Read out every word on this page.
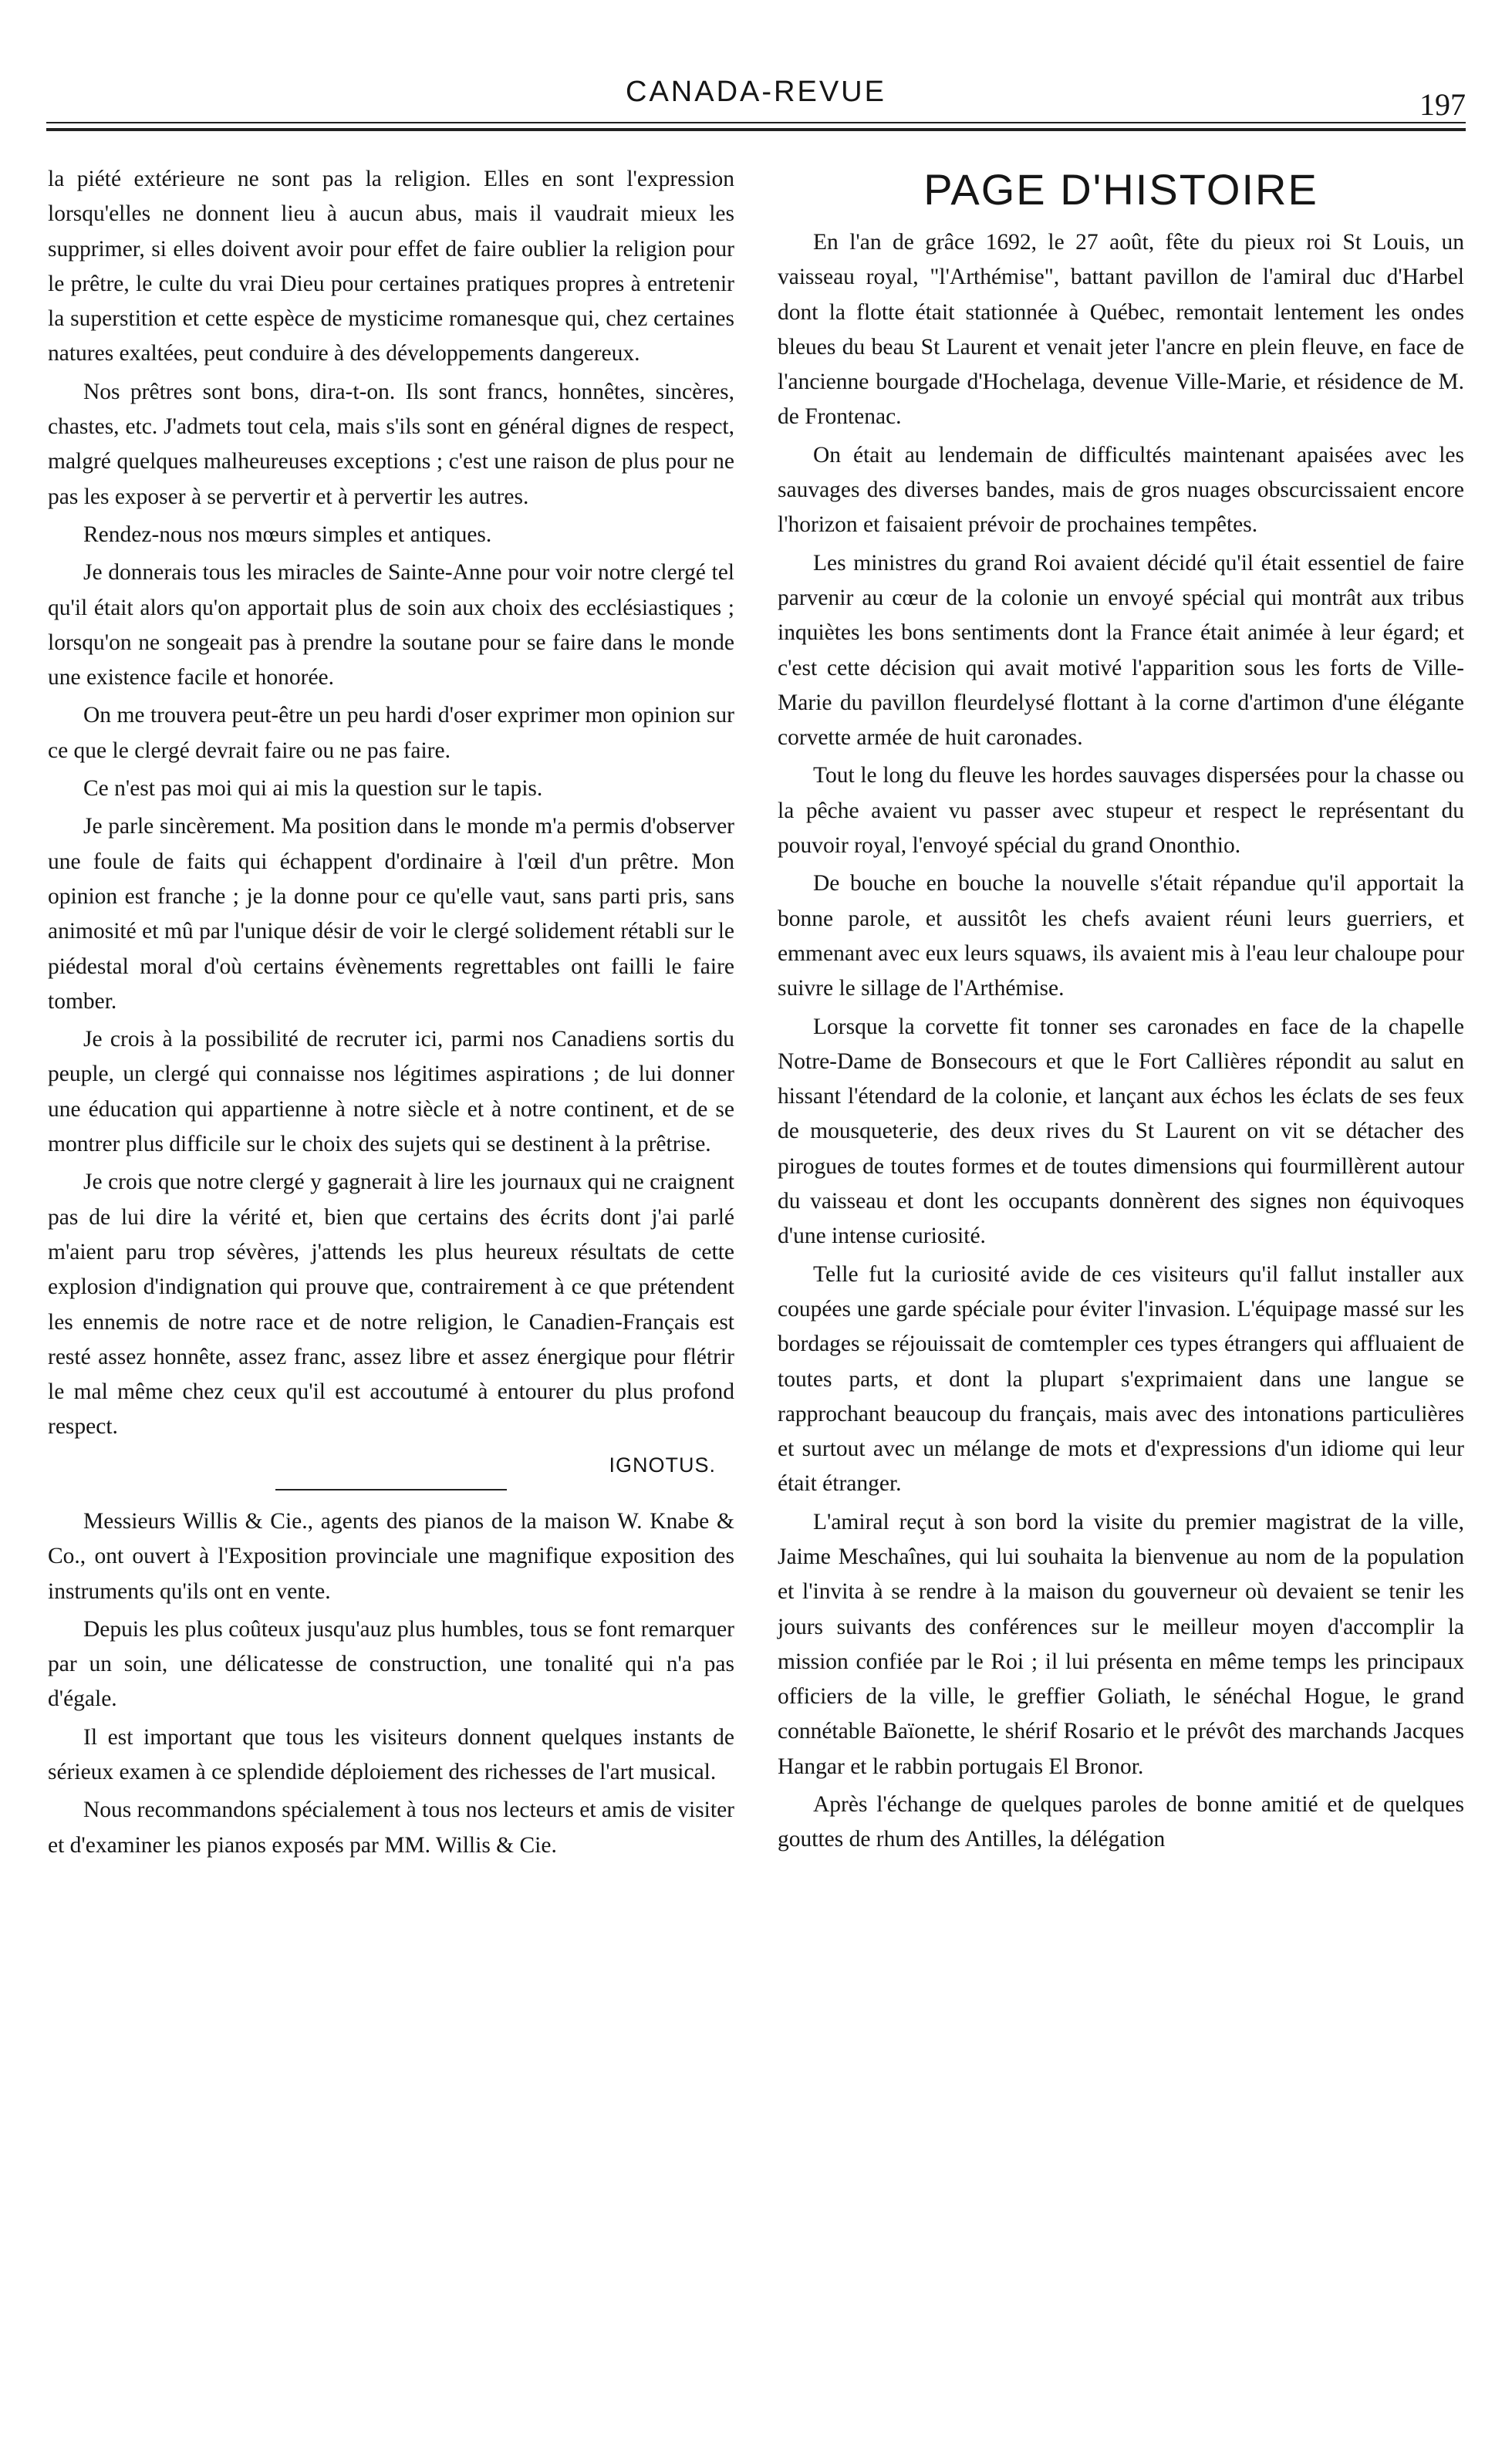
CANADA-REVUE	197

la piété extérieure ne sont pas la religion. Elles en sont l'expression lorsqu'elles ne donnent lieu à aucun abus, mais il vaudrait mieux les supprimer, si elles doivent avoir pour effet de faire oublier la religion pour le prêtre, le culte du vrai Dieu pour certaines pratiques propres à entretenir la superstition et cette espèce de mysticime romanesque qui, chez certaines natures exaltées, peut conduire à des développements dangereux.

Nos prêtres sont bons, dira-t-on. Ils sont francs, honnêtes, sincères, chastes, etc. J'admets tout cela, mais s'ils sont en général dignes de respect, malgré quelques malheureuses exceptions ; c'est une raison de plus pour ne pas les exposer à se pervertir et à pervertir les autres.

Rendez-nous nos mœurs simples et antiques.

Je donnerais tous les miracles de Sainte-Anne pour voir notre clergé tel qu'il était alors qu'on apportait plus de soin aux choix des ecclésiastiques ; lorsqu'on ne songeait pas à prendre la soutane pour se faire dans le monde une existence facile et honorée.

On me trouvera peut-être un peu hardi d'oser exprimer mon opinion sur ce que le clergé devrait faire ou ne pas faire.

Ce n'est pas moi qui ai mis la question sur le tapis.

Je parle sincèrement. Ma position dans le monde m'a permis d'observer une foule de faits qui échappent d'ordinaire à l'œil d'un prêtre. Mon opinion est franche ; je la donne pour ce qu'elle vaut, sans parti pris, sans animosité et mû par l'unique désir de voir le clergé solidement rétabli sur le piédestal moral d'où certains évènements regrettables ont failli le faire tomber.

Je crois à la possibilité de recruter ici, parmi nos Canadiens sortis du peuple, un clergé qui connaisse nos légitimes aspirations ; de lui donner une éducation qui appartienne à notre siècle et à notre continent, et de se montrer plus difficile sur le choix des sujets qui se destinent à la prêtrise.

Je crois que notre clergé y gagnerait à lire les journaux qui ne craignent pas de lui dire la vérité et, bien que certains des écrits dont j'ai parlé m'aient paru trop sévères, j'attends les plus heureux résultats de cette explosion d'indignation qui prouve que, contrairement à ce que prétendent les ennemis de notre race et de notre religion, le Canadien-Français est resté assez honnête, assez franc, assez libre et assez énergique pour flétrir le mal même chez ceux qu'il est accoutumé à entourer du plus profond respect.

IGNOTUS.

Messieurs Willis & Cie., agents des pianos de la maison W. Knabe & Co., ont ouvert à l'Exposition provinciale une magnifique exposition des instruments qu'ils ont en vente.

Depuis les plus coûteux jusqu'auz plus humbles, tous se font remarquer par un soin, une délicatesse de construction, une tonalité qui n'a pas d'égale.

Il est important que tous les visiteurs donnent quelques instants de sérieux examen à ce splendide déploiement des richesses de l'art musical.

Nous recommandons spécialement à tous nos lecteurs et amis de visiter et d'examiner les pianos exposés par MM. Willis & Cie.

PAGE D'HISTOIRE

En l'an de grâce 1692, le 27 août, fête du pieux roi St Louis, un vaisseau royal, "l'Arthémise", battant pavillon de l'amiral duc d'Harbel dont la flotte était stationnée à Québec, remontait lentement les ondes bleues du beau St Laurent et venait jeter l'ancre en plein fleuve, en face de l'ancienne bourgade d'Hochelaga, devenue Ville-Marie, et résidence de M. de Frontenac.

On était au lendemain de difficultés maintenant apaisées avec les sauvages des diverses bandes, mais de gros nuages obscurcissaient encore l'horizon et faisaient prévoir de prochaines tempêtes.

Les ministres du grand Roi avaient décidé qu'il était essentiel de faire parvenir au cœur de la colonie un envoyé spécial qui montrât aux tribus inquiètes les bons sentiments dont la France était animée à leur égard; et c'est cette décision qui avait motivé l'apparition sous les forts de Ville-Marie du pavillon fleurdelysé flottant à la corne d'artimon d'une élégante corvette armée de huit caronades.

Tout le long du fleuve les hordes sauvages dispersées pour la chasse ou la pêche avaient vu passer avec stupeur et respect le représentant du pouvoir royal, l'envoyé spécial du grand Ononthio.

De bouche en bouche la nouvelle s'était répandue qu'il apportait la bonne parole, et aussitôt les chefs avaient réuni leurs guerriers, et emmenant avec eux leurs squaws, ils avaient mis à l'eau leur chaloupe pour suivre le sillage de l'Arthémise.

Lorsque la corvette fit tonner ses caronades en face de la chapelle Notre-Dame de Bonsecours et que le Fort Callières répondit au salut en hissant l'étendard de la colonie, et lançant aux échos les éclats de ses feux de mousqueterie, des deux rives du St Laurent on vit se détacher des pirogues de toutes formes et de toutes dimensions qui fourmillèrent autour du vaisseau et dont les occupants donnèrent des signes non équivoques d'une intense curiosité.

Telle fut la curiosité avide de ces visiteurs qu'il fallut installer aux coupées une garde spéciale pour éviter l'invasion. L'équipage massé sur les bordages se réjouissait de comtempler ces types étrangers qui affluaient de toutes parts, et dont la plupart s'exprimaient dans une langue se rapprochant beaucoup du français, mais avec des intonations particulières et surtout avec un mélange de mots et d'expressions d'un idiome qui leur était étranger.

L'amiral reçut à son bord la visite du premier magistrat de la ville, Jaime Meschaînes, qui lui souhaita la bienvenue au nom de la population et l'invita à se rendre à la maison du gouverneur où devaient se tenir les jours suivants des conférences sur le meilleur moyen d'accomplir la mission confiée par le Roi ; il lui présenta en même temps les principaux officiers de la ville, le greffier Goliath, le sénéchal Hogue, le grand connétable Baïonette, le shérif Rosario et le prévôt des marchands Jacques Hangar et le rabbin portugais El Bronor.

Après l'échange de quelques paroles de bonne amitié et de quelques gouttes de rhum des Antilles, la délégation
